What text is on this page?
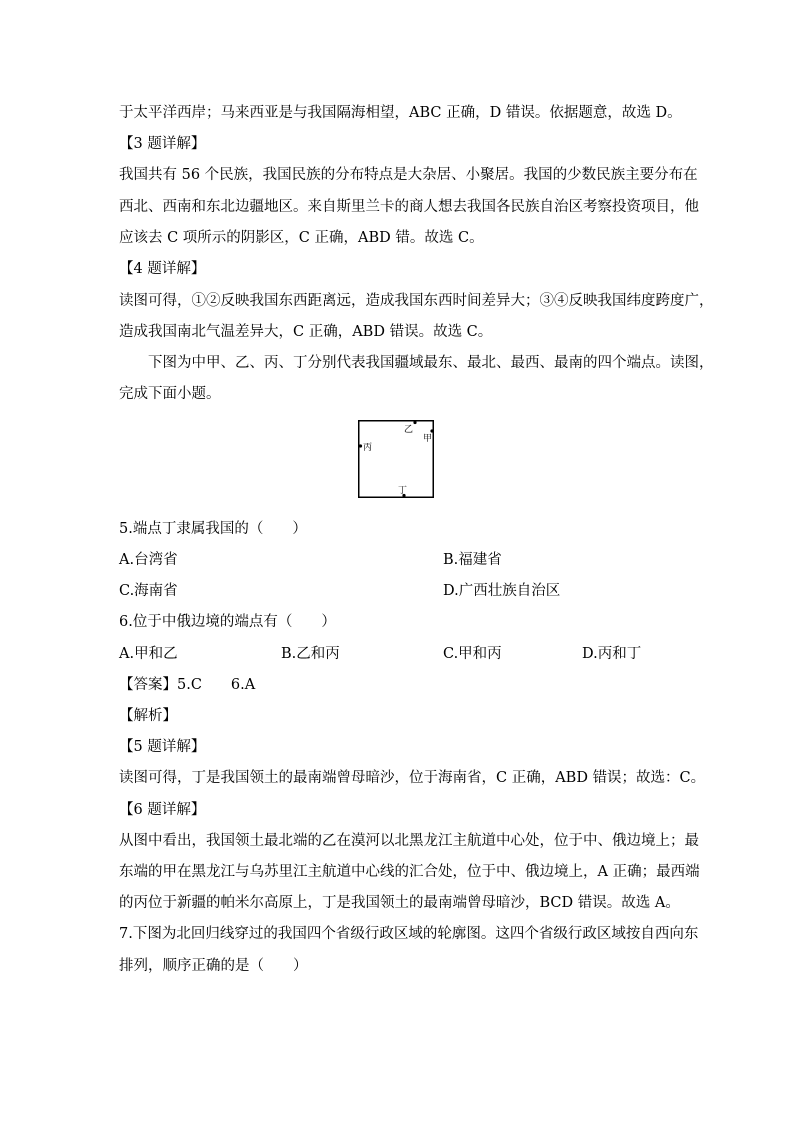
于太平洋西岸；马来西亚是与我国隔海相望，ABC 正确，D 错误。依据题意，故选 D。
【3 题详解】
我国共有 56 个民族，我国民族的分布特点是大杂居、小聚居。我国的少数民族主要分布在
西北、西南和东北边疆地区。来自斯里兰卡的商人想去我国各民族自治区考察投资项目，他
应该去 C 项所示的阴影区，C 正确，ABD 错。故选 C。
【4 题详解】
读图可得，①②反映我国东西距离远，造成我国东西时间差异大；③④反映我国纬度跨度广，
造成我国南北气温差异大，C 正确，ABD 错误。故选 C。
下图为中甲、乙、丙、丁分别代表我国疆域最东、最北、最西、最南的四个端点。读图，
完成下面小题。
乙
甲
丙
丁
5.端点丁隶属我国的（　　）
A.台湾省	B.福建省
C.海南省	D.广西壮族自治区
6.位于中俄边境的端点有（　　）
A.甲和乙	B.乙和丙	C.甲和丙	D.丙和丁
【答案】5.C　　6.A
【解析】
【5 题详解】
读图可得，丁是我国领土的最南端曾母暗沙，位于海南省，C 正确，ABD 错误；故选：C。
【6 题详解】
从图中看出，我国领土最北端的乙在漠河以北黑龙江主航道中心处，位于中、俄边境上；最
东端的甲在黑龙江与乌苏里江主航道中心线的汇合处，位于中、俄边境上，A 正确；最西端
的丙位于新疆的帕米尔高原上，丁是我国领土的最南端曾母暗沙，BCD 错误。故选 A。
7.下图为北回归线穿过的我国四个省级行政区域的轮廓图。这四个省级行政区域按自西向东
排列，顺序正确的是（　　）
